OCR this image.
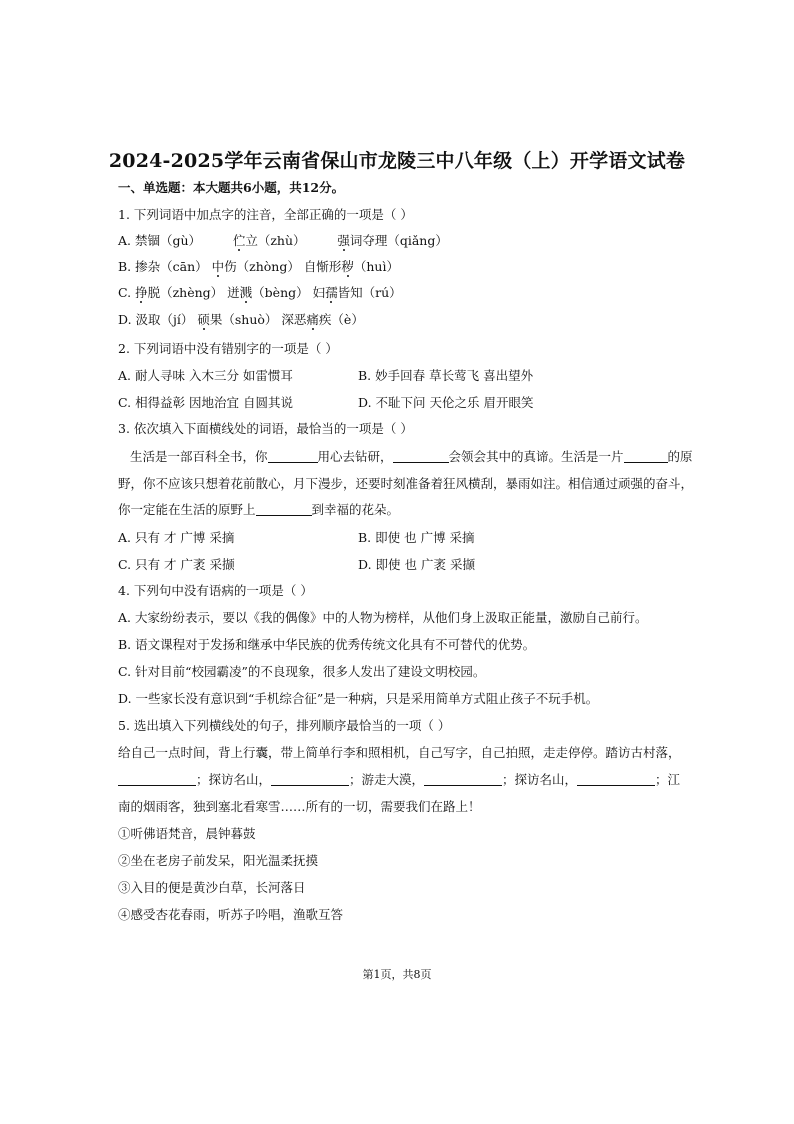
2024-2025学年云南省保山市龙陵三中八年级（上）开学语文试卷
一、单选题：本大题共6小题，共12分。
1. 下列词语中加点字的注音，全部正确的一项是（ ）
A. 禁锢（gù）        伫立（zhù）        强词夺理（qiǎng）
B. 掺杂（cān） 中伤（zhòng） 自惭形秽（huì）
C. 挣脱（zhèng） 迸溅（bèng） 妇孺皆知（rú）
D. 汲取（jí） 硕果（shuò） 深恶痛疾（è）
2. 下列词语中没有错别字的一项是（ ）
A. 耐人寻味 入木三分 如雷惯耳	B. 妙手回春 草长莺飞 喜出望外
C. 相得益彰 因地治宜 自圆其说	D. 不耻下问 天伦之乐 眉开眼笑
3. 依次填入下面横线处的词语，最恰当的一项是（ ）
生活是一部百科全书，你	用心去钻研，	会领会其中的真谛。生活是一片	的原
野，你不应该只想着花前散心，月下漫步，还要时刻准备着狂风横刮，暴雨如注。相信通过顽强的奋斗，
你一定能在生活的原野上	到幸福的花朵。
A. 只有 才 广博 采摘	B. 即使 也 广博 采摘
C. 只有 才 广袤 采撷	D. 即使 也 广袤 采撷
4. 下列句中没有语病的一项是（ ）
A. 大家纷纷表示，要以《我的偶像》中的人物为榜样，从他们身上汲取正能量，激励自己前行。
B. 语文课程对于发扬和继承中华民族的优秀传统文化具有不可替代的优势。
C. 针对目前“校园霸凌”的不良现象，很多人发出了建设文明校园。
D. 一些家长没有意识到“手机综合征”是一种病，只是采用简单方式阻止孩子不玩手机。
5. 选出填入下列横线处的句子，排列顺序最恰当的一项（ ）
给自己一点时间，背上行囊，带上简单行李和照相机，自己写字，自己拍照，走走停停。踏访古村落，
；探访名山，	；游走大漠，	；探访名山，	；江
南的烟雨客，独到塞北看寒雪……所有的一切，需要我们在路上！
①听佛语梵音，晨钟暮鼓
②坐在老房子前发呆，阳光温柔抚摸
③入目的便是黄沙白草，长河落日
④感受杏花春雨，听苏子吟唱，渔歌互答
第1页，共8页
